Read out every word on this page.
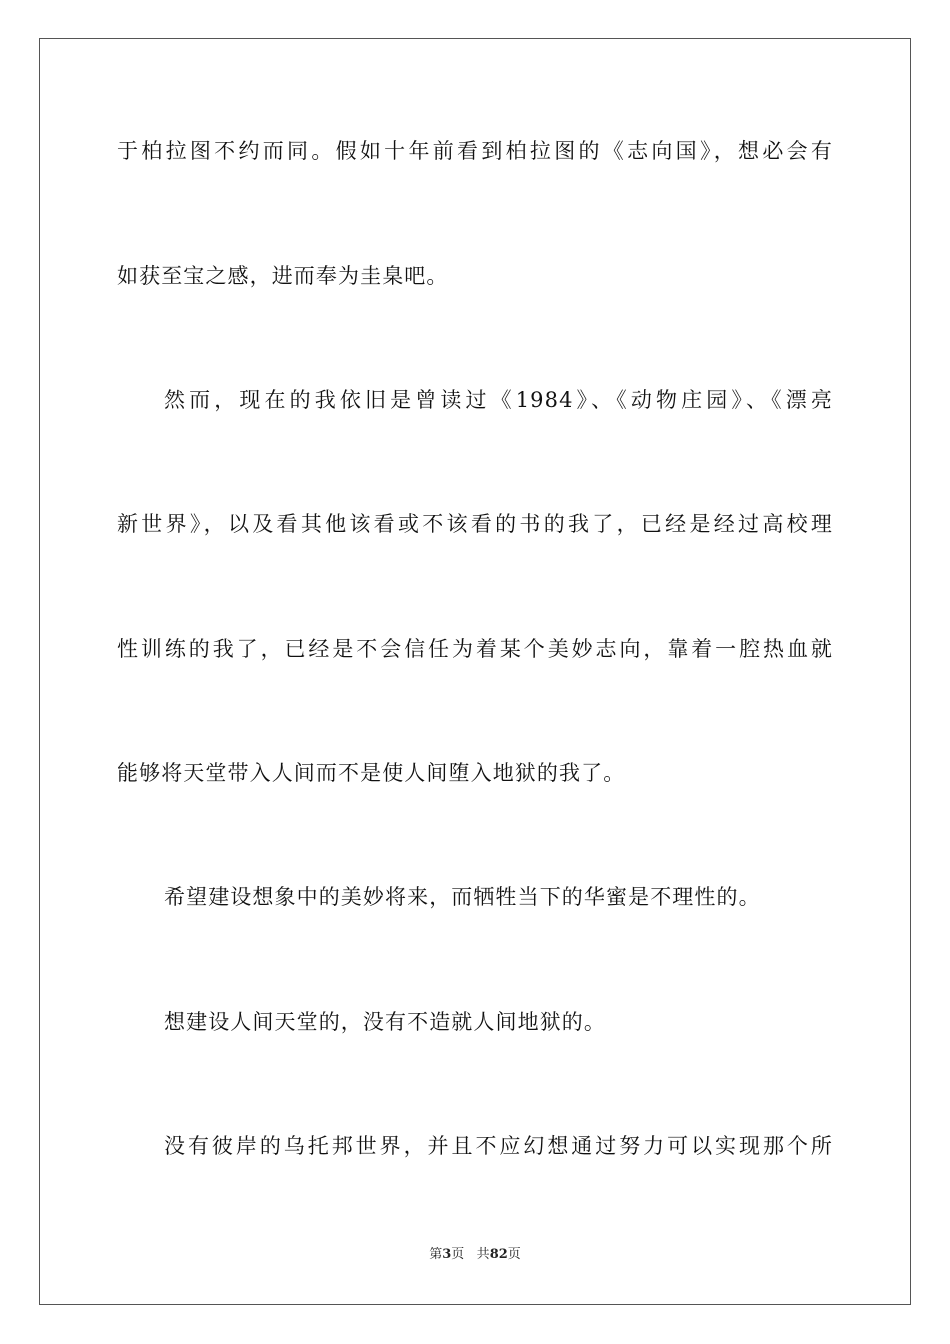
于柏拉图不约而同。假如十年前看到柏拉图的《志向国》，想必会有
如获至宝之感，进而奉为圭臬吧。
然而，现在的我依旧是曾读过《1984》、《动物庄园》、《漂亮
新世界》，以及看其他该看或不该看的书的我了，已经是经过高校理
性训练的我了，已经是不会信任为着某个美妙志向，靠着一腔热血就
能够将天堂带入人间而不是使人间堕入地狱的我了。
希望建设想象中的美妙将来，而牺牲当下的华蜜是不理性的。
想建设人间天堂的，没有不造就人间地狱的。
没有彼岸的乌托邦世界，并且不应幻想通过努力可以实现那个所
第3页 共82页
